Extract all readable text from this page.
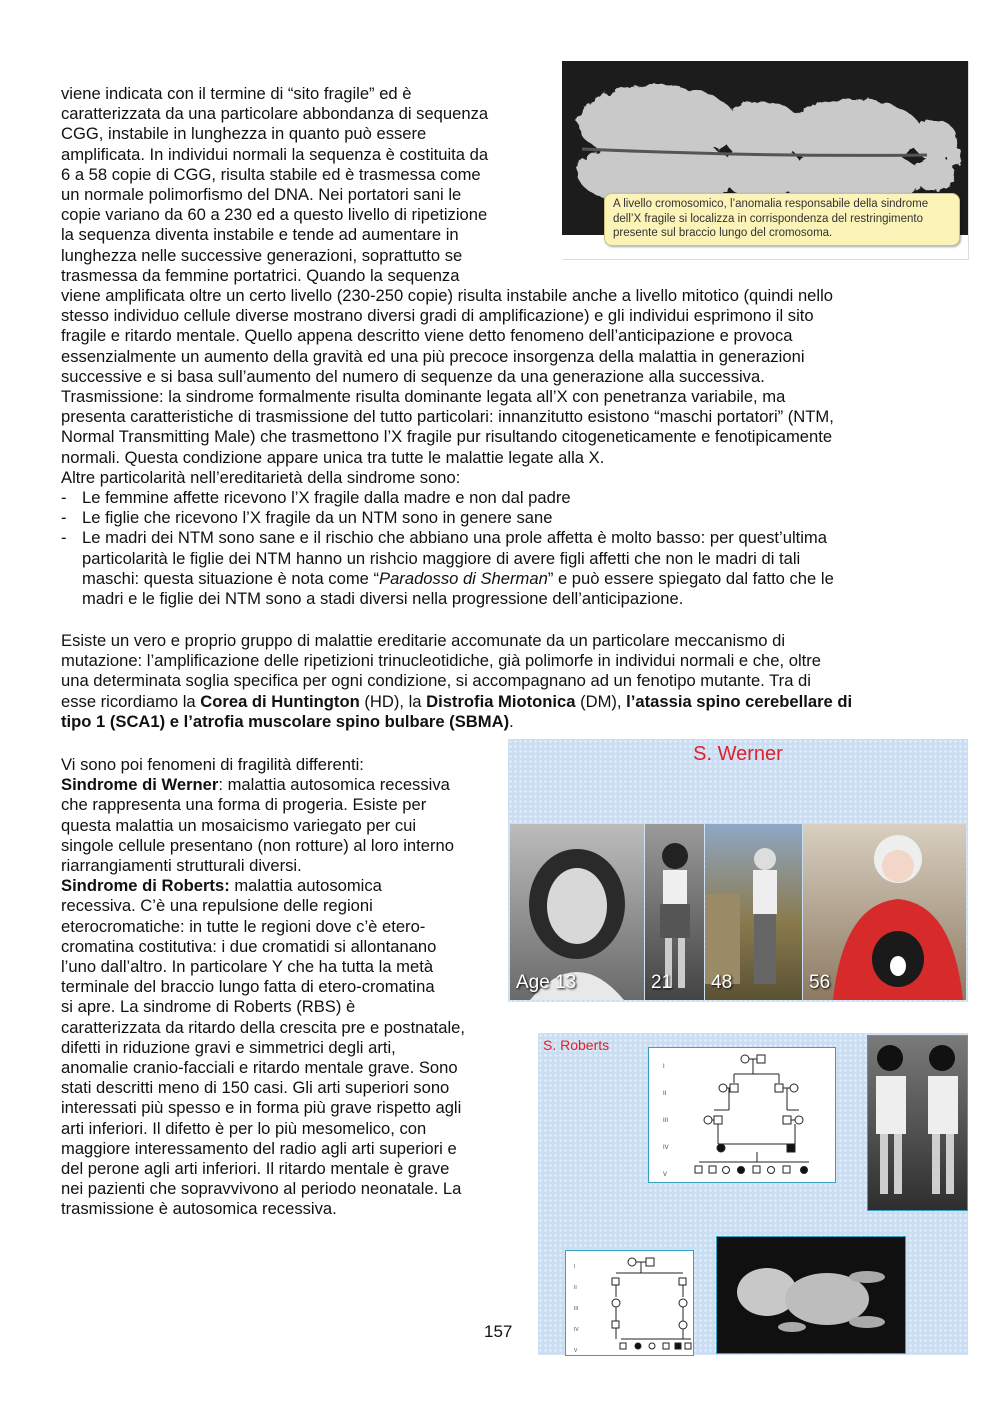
A livello cromosomico, l’anomalia responsabile della sindrome
dell’X fragile si localizza in corrispondenza del restringimento
presente sul braccio lungo del cromosoma.

viene indicata con il termine di “sito fragile” ed è

caratterizzata da una particolare abbondanza di sequenza

CGG, instabile in lunghezza in quanto può essere

amplificata. In individui normali la sequenza è costituita da

6 a 58 copie di CGG, risulta stabile ed è trasmessa come

un normale polimorfismo del DNA. Nei portatori sani le

copie variano da 60 a 230 ed a questo livello di ripetizione

la sequenza diventa instabile e tende ad aumentare in

lunghezza nelle successive generazioni, soprattutto se

trasmessa da femmine portatrici. Quando la sequenza

viene amplificata oltre un certo livello (230-250 copie) risulta instabile anche a livello mitotico (quindi nello

stesso individuo cellule diverse mostrano diversi gradi di amplificazione) e gli individui esprimono il sito

fragile e ritardo mentale. Quello appena descritto viene detto fenomeno dell’anticipazione e provoca

essenzialmente un aumento della gravità ed una più precoce insorgenza della malattia in generazioni

successive e si basa sull’aumento del numero di sequenze da una generazione alla successiva.

Trasmissione: la sindrome formalmente risulta dominante legata all’X con penetranza variabile, ma

presenta caratteristiche di trasmissione del tutto particolari: innanzitutto esistono “maschi portatori” (NTM,

Normal Transmitting Male) che trasmettono l’X fragile pur risultando citogeneticamente e fenotipicamente

normali. Questa condizione appare unica tra tutte le malattie legate alla X.

Altre particolarità nell’ereditarietà della sindrome sono:

- Le femmine affette ricevono l’X fragile dalla madre e non dal padre

- Le figlie che ricevono l’X fragile da un NTM sono in genere sane

- Le madri dei NTM sono sane e il rischio che abbiano una prole affetta è molto basso: per quest’ultima

particolarità le figlie dei NTM hanno un rishcio maggiore di avere figli affetti che non le madri di tali

maschi: questa situazione è nota come “Paradosso di Sherman” e può essere spiegato dal fatto che le

madri e le figlie dei NTM sono a stadi diversi nella progressione dell’anticipazione.

Esiste un vero e proprio gruppo di malattie ereditarie accomunate da un particolare meccanismo di

mutazione: l’amplificazione delle ripetizioni trinucleotidiche, già polimorfe in individui normali e che, oltre

una determinata soglia specifica per ogni condizione, si accompagnano ad un fenotipo mutante. Tra di

esse ricordiamo la Corea di Huntington (HD), la Distrofia Miotonica (DM), l’atassia spino cerebellare di

tipo 1 (SCA1) e l’atrofia muscolare spino bulbare (SBMA).

Vi sono poi fenomeni di fragilità differenti:

Sindrome di Werner: malattia autosomica recessiva

che rappresenta una forma di progeria. Esiste per

questa malattia un mosaicismo variegato per cui

singole cellule presentano (non rotture) al loro interno

riarrangiamenti strutturali diversi.

Sindrome di Roberts: malattia autosomica

recessiva. C’è una repulsione delle regioni

eterocromatiche: in tutte le regioni dove c’è etero-

cromatina costitutiva: i due cromatidi si allontanano

l’uno dall’altro. In particolare Y che ha tutta la metà

terminale del braccio lungo fatta di etero-cromatina

si apre. La sindrome di Roberts (RBS) è

caratterizzata da ritardo della crescita pre e postnatale,

difetti in riduzione gravi e simmetrici degli arti,

anomalie cranio-facciali e ritardo mentale grave. Sono

stati descritti meno di 150 casi. Gli arti superiori sono

interessati più spesso e in forma più grave rispetto agli

arti inferiori. Il difetto è per lo più mesomelico, con

maggiore interessamento del radio agli arti superiori e

del perone agli arti inferiori. Il ritardo mentale è grave

nei pazienti che sopravvivono al periodo neonatale. La

trasmissione è autosomica recessiva.

S. Werner
Age 13	21 48	56
S. Roberts
I
II
III
IV
V
I
II
III
IV
V
157
